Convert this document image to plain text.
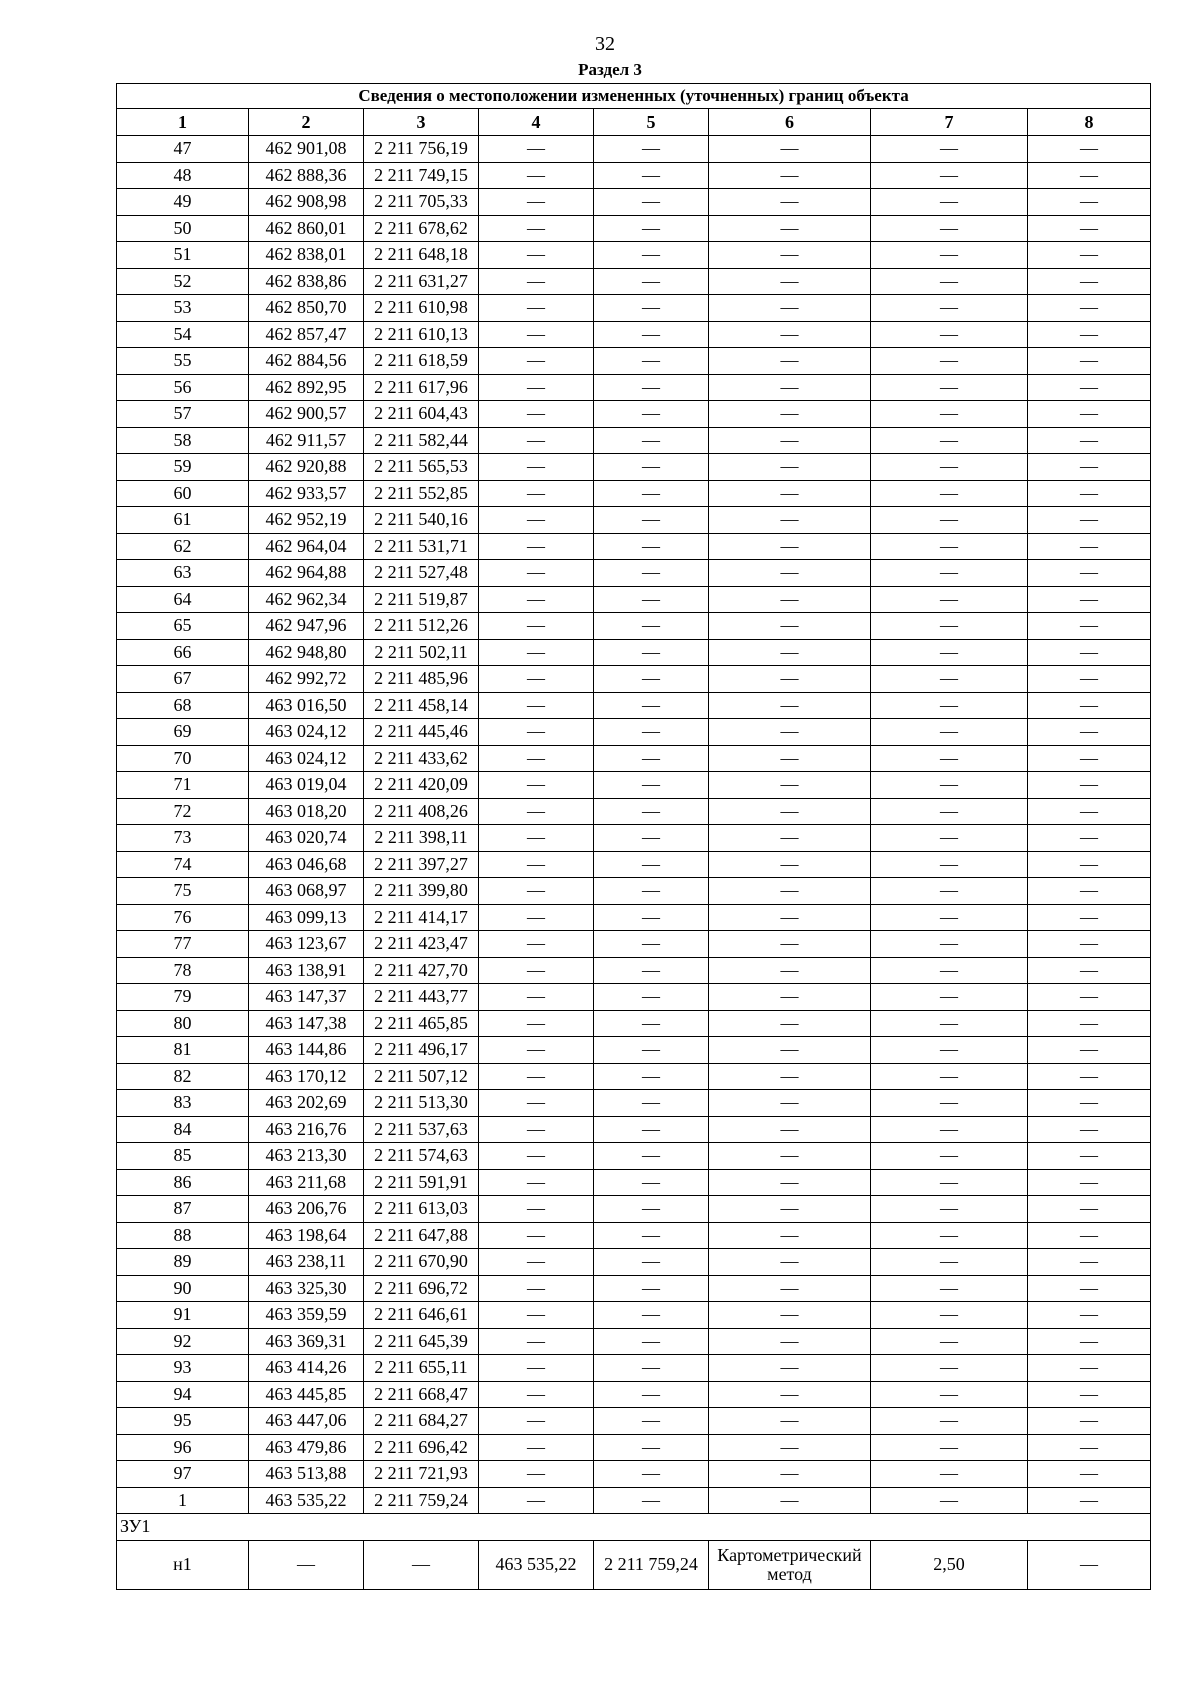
32
Раздел 3
Сведения о местоположении измененных (уточненных) границ объекта							
1	2	3	4	5	6	7	8
47	462 901,08	2 211 756,19	—	—	—	—	—
48	462 888,36	2 211 749,15	—	—	—	—	—
49	462 908,98	2 211 705,33	—	—	—	—	—
50	462 860,01	2 211 678,62	—	—	—	—	—
51	462 838,01	2 211 648,18	—	—	—	—	—
52	462 838,86	2 211 631,27	—	—	—	—	—
53	462 850,70	2 211 610,98	—	—	—	—	—
54	462 857,47	2 211 610,13	—	—	—	—	—
55	462 884,56	2 211 618,59	—	—	—	—	—
56	462 892,95	2 211 617,96	—	—	—	—	—
57	462 900,57	2 211 604,43	—	—	—	—	—
58	462 911,57	2 211 582,44	—	—	—	—	—
59	462 920,88	2 211 565,53	—	—	—	—	—
60	462 933,57	2 211 552,85	—	—	—	—	—
61	462 952,19	2 211 540,16	—	—	—	—	—
62	462 964,04	2 211 531,71	—	—	—	—	—
63	462 964,88	2 211 527,48	—	—	—	—	—
64	462 962,34	2 211 519,87	—	—	—	—	—
65	462 947,96	2 211 512,26	—	—	—	—	—
66	462 948,80	2 211 502,11	—	—	—	—	—
67	462 992,72	2 211 485,96	—	—	—	—	—
68	463 016,50	2 211 458,14	—	—	—	—	—
69	463 024,12	2 211 445,46	—	—	—	—	—
70	463 024,12	2 211 433,62	—	—	—	—	—
71	463 019,04	2 211 420,09	—	—	—	—	—
72	463 018,20	2 211 408,26	—	—	—	—	—
73	463 020,74	2 211 398,11	—	—	—	—	—
74	463 046,68	2 211 397,27	—	—	—	—	—
75	463 068,97	2 211 399,80	—	—	—	—	—
76	463 099,13	2 211 414,17	—	—	—	—	—
77	463 123,67	2 211 423,47	—	—	—	—	—
78	463 138,91	2 211 427,70	—	—	—	—	—
79	463 147,37	2 211 443,77	—	—	—	—	—
80	463 147,38	2 211 465,85	—	—	—	—	—
81	463 144,86	2 211 496,17	—	—	—	—	—
82	463 170,12	2 211 507,12	—	—	—	—	—
83	463 202,69	2 211 513,30	—	—	—	—	—
84	463 216,76	2 211 537,63	—	—	—	—	—
85	463 213,30	2 211 574,63	—	—	—	—	—
86	463 211,68	2 211 591,91	—	—	—	—	—
87	463 206,76	2 211 613,03	—	—	—	—	—
88	463 198,64	2 211 647,88	—	—	—	—	—
89	463 238,11	2 211 670,90	—	—	—	—	—
90	463 325,30	2 211 696,72	—	—	—	—	—
91	463 359,59	2 211 646,61	—	—	—	—	—
92	463 369,31	2 211 645,39	—	—	—	—	—
93	463 414,26	2 211 655,11	—	—	—	—	—
94	463 445,85	2 211 668,47	—	—	—	—	—
95	463 447,06	2 211 684,27	—	—	—	—	—
96	463 479,86	2 211 696,42	—	—	—	—	—
97	463 513,88	2 211 721,93	—	—	—	—	—
1	463 535,22	2 211 759,24	—	—	—	—	—
ЗУ1							
н1	—	—	463 535,22	2 211 759,24	Картометрический метод	2,50	—
